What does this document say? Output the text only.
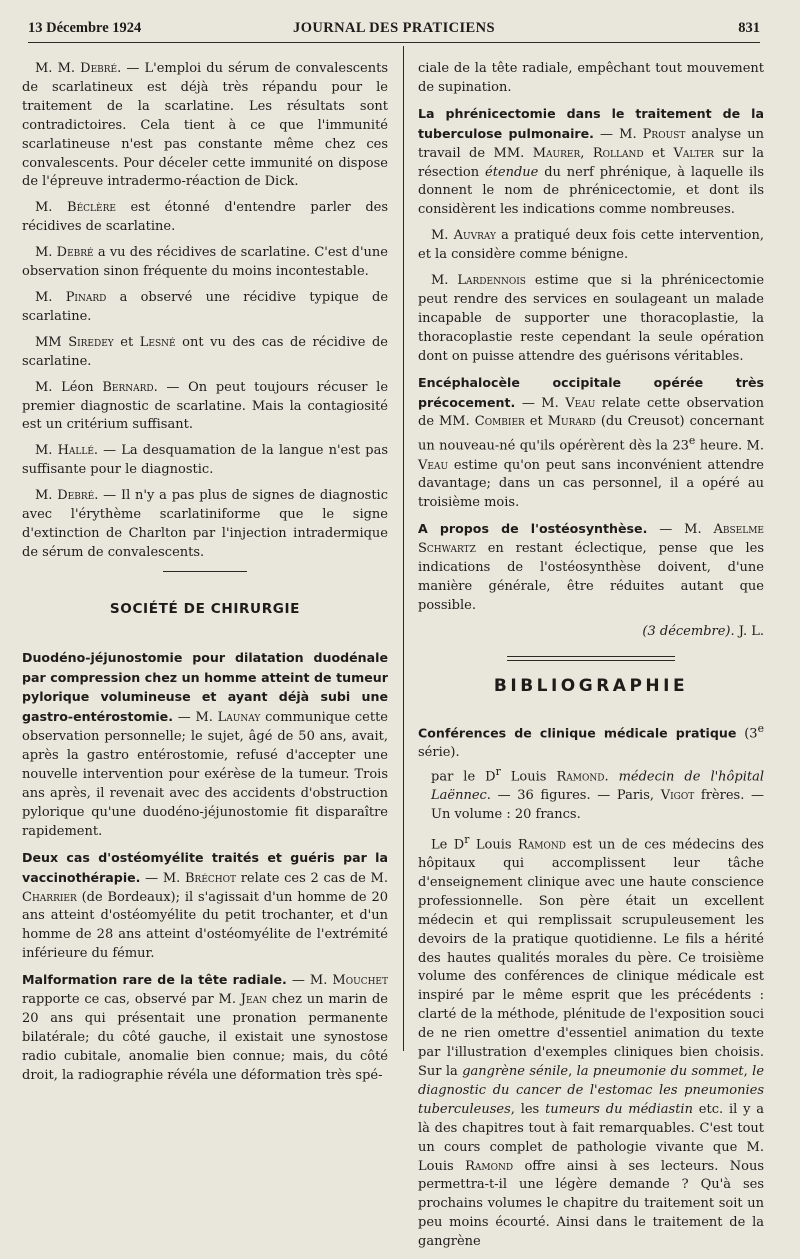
13 Décembre 1924	JOURNAL DES PRATICIENS	831

M. M. Debré. — L'emploi du sérum de convalescents de scarlatineux est déjà très répandu pour le traitement de la scarlatine. Les résultats sont contradictoires. Cela tient à ce que l'immunité scarlatineuse n'est pas constante même chez ces convalescents. Pour déceler cette immunité on dispose de l'épreuve intradermo-réaction de Dick.

M. Béclère est étonné d'entendre parler des récidives de scarlatine.

M. Debré a vu des récidives de scarlatine. C'est d'une observation sinon fréquente du moins incontestable.

M. Pinard a observé une récidive typique de scarlatine.

MM Siredey et Lesné ont vu des cas de récidive de scarlatine.

M. Léon Bernard. — On peut toujours récuser le premier diagnostic de scarlatine. Mais la contagiosité est un critérium suffisant.

M. Hallé. — La desquamation de la langue n'est pas suffisante pour le diagnostic.

M. Debré. — Il n'y a pas plus de signes de diagnostic avec l'érythème scarlatiniforme que le signe d'extinction de Charlton par l'injection intradermique de sérum de convalescents.

SOCIÉTÉ DE CHIRURGIE

Duodéno-jéjunostomie pour dilatation duodénale par compression chez un homme atteint de tumeur pylorique volumineuse et ayant déjà subi une gastro-entérostomie. — M. Launay communique cette observation personnelle; le sujet, âgé de 50 ans, avait, après la gastro entérostomie, refusé d'accepter une nouvelle intervention pour exérèse de la tumeur. Trois ans après, il revenait avec des accidents d'obstruction pylorique qu'une duodéno-jéjunostomie fit disparaître rapidement.

Deux cas d'ostéomyélite traités et guéris par la vaccinothérapie. — M. Bréchot relate ces 2 cas de M. Charrier (de Bordeaux); il s'agissait d'un homme de 20 ans atteint d'ostéomyélite du petit trochanter, et d'un homme de 28 ans atteint d'ostéomyélite de l'extrémité inférieure du fémur.

Malformation rare de la tête radiale. — M. Mouchet rapporte ce cas, observé par M. Jean chez un marin de 20 ans qui présentait une pronation permanente bilatérale; du côté gauche, il existait une synostose radio cubitale, anomalie bien connue; mais, du côté droit, la radiographie révéla une déformation très spé-

ciale de la tête radiale, empêchant tout mouvement de supination.

La phrénicectomie dans le traitement de la tuberculose pulmonaire. — M. Proust analyse un travail de MM. Maurer, Rolland et Valter sur la résection étendue du nerf phrénique, à laquelle ils donnent le nom de phrénicectomie, et dont ils considèrent les indications comme nombreuses.

M. Auvray a pratiqué deux fois cette intervention, et la considère comme bénigne.

M. Lardennois estime que si la phrénicectomie peut rendre des services en soulageant un malade incapable de supporter une thoracoplastie, la thoracoplastie reste cependant la seule opération dont on puisse attendre des guérisons véritables.

Encéphalocèle occipitale opérée très précocement. — M. Veau relate cette observation de MM. Combier et Murard (du Creusot) concernant un nouveau-né qu'ils opérèrent dès la 23e heure. M. Veau estime qu'on peut sans inconvénient attendre davantage; dans un cas personnel, il a opéré au troisième mois.

A propos de l'ostéosynthèse. — M. Abselme Schwartz en restant éclectique, pense que les indications de l'ostéosynthèse doivent, d'une manière générale, être réduites autant que possible.

(3 décembre). J. L.
BIBLIOGRAPHIE
Conférences de clinique médicale pratique (3e série).
par le $D^r$ Louis Ramond. médecin de l'hôpital Laënnec. — 36 figures. — Paris, Vigot frères. — Un volume : 20 francs.

Le $D^r$ Louis Ramond est un de ces médecins des hôpitaux qui accomplissent leur tâche d'enseignement clinique avec une haute conscience professionnelle. Son père était un excellent médecin et qui remplissait scrupuleusement les devoirs de la pratique quotidienne. Le fils a hérité des hautes qualités morales du père. Ce troisième volume des conférences de clinique médicale est inspiré par le même esprit que les précédents : clarté de la méthode, plénitude de l'exposition souci de ne rien omettre d'essentiel animation du texte par l'illustration d'exemples cliniques bien choisis. Sur la gangrène sénile, la pneumonie du sommet, le diagnostic du cancer de l'estomac les pneumonies tuberculeuses, les tumeurs du médiastin etc. il y a là des chapitres tout à fait remarquables. C'est tout un cours complet de pathologie vivante que M. Louis Ramond offre ainsi à ses lecteurs. Nous permettra-t-il une légère demande ? Qu'à ses prochains volumes le chapitre du traitement soit un peu moins écourté. Ainsi dans le traitement de la gangrène
